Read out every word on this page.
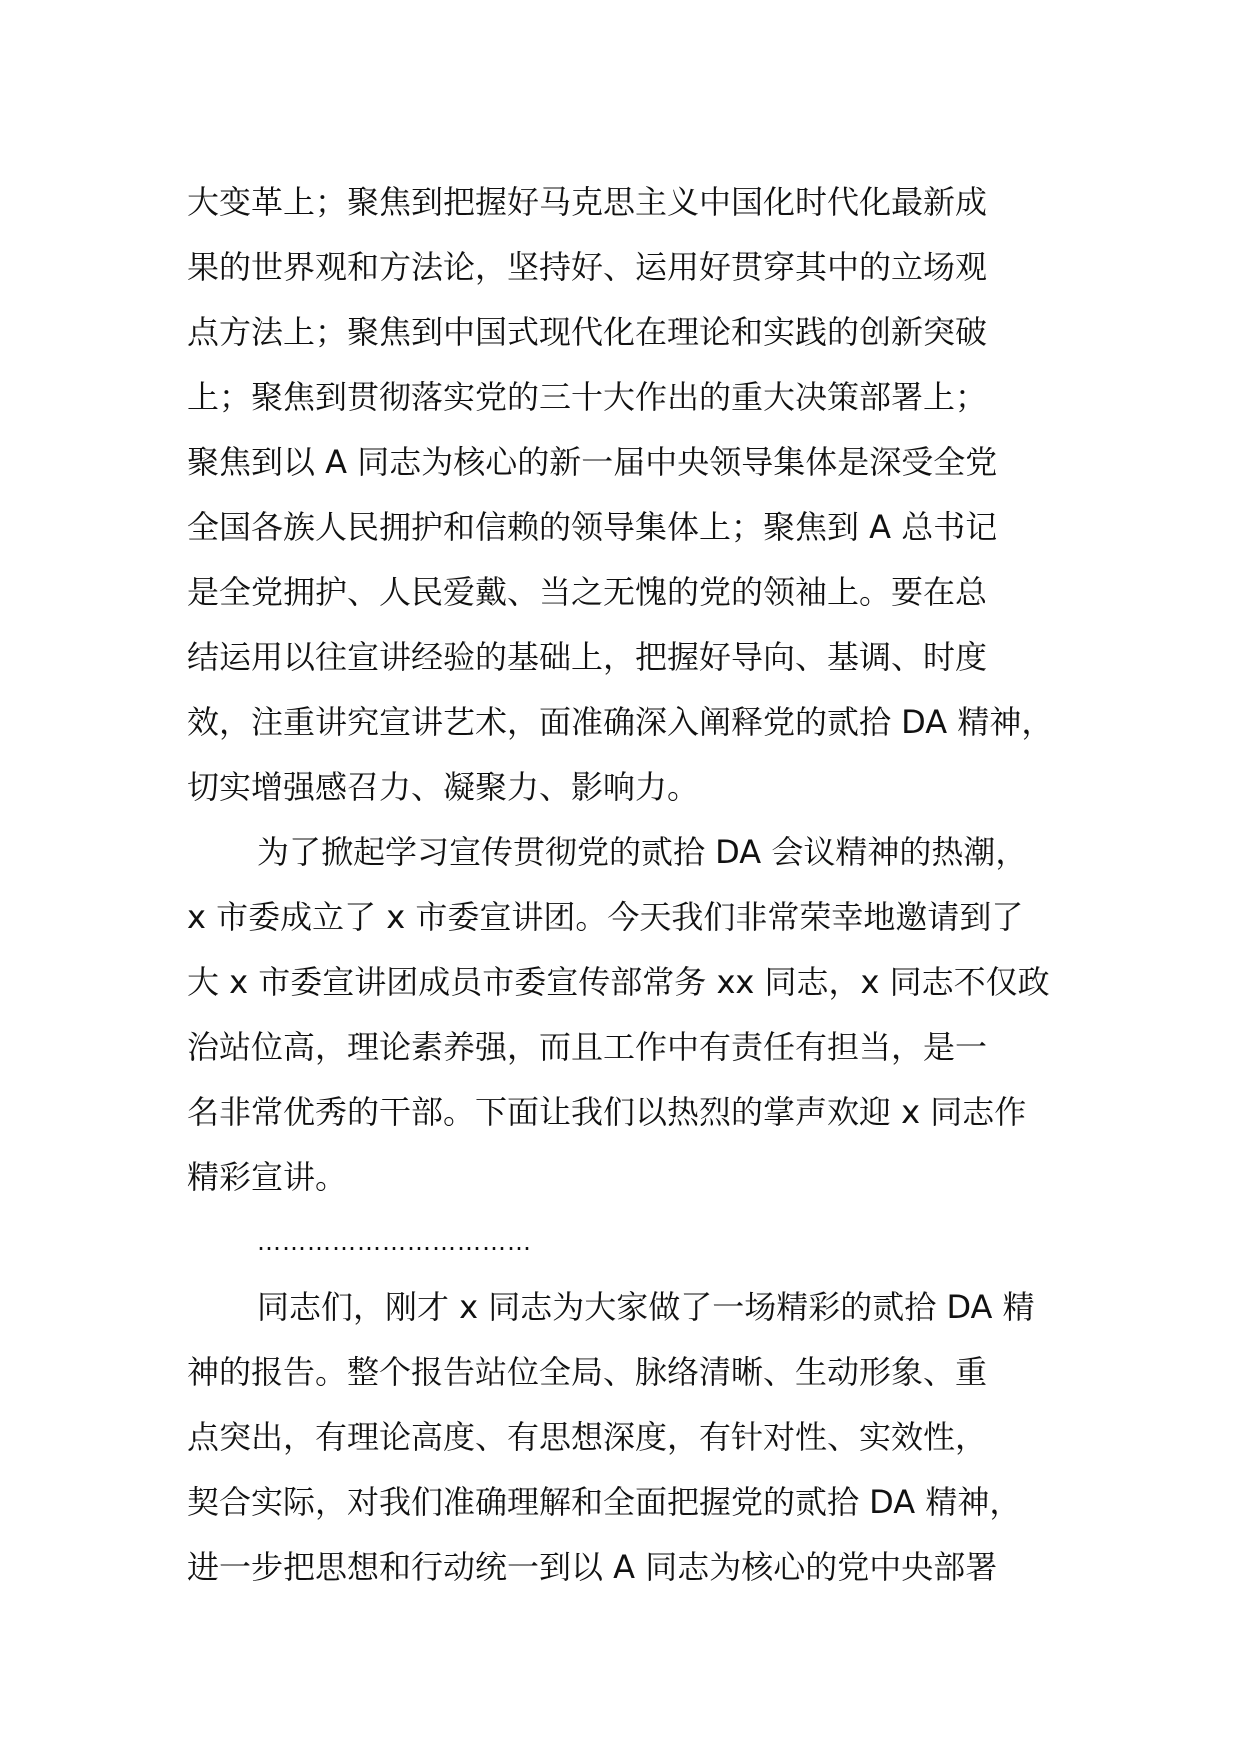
大变革上；聚焦到把握好马克思主义中国化时代化最新成
果的世界观和方法论，坚持好、运用好贯穿其中的立场观
点方法上；聚焦到中国式现代化在理论和实践的创新突破
上；聚焦到贯彻落实党的三十大作出的重大决策部署上；
聚焦到以 A 同志为核心的新一届中央领导集体是深受全党
全国各族人民拥护和信赖的领导集体上；聚焦到 A 总书记
是全党拥护、人民爱戴、当之无愧的党的领袖上。要在总
结运用以往宣讲经验的基础上，把握好导向、基调、时度
效，注重讲究宣讲艺术，面准确深入阐释党的贰拾 DA 精神，
切实增强感召力、凝聚力、影响力。
为了掀起学习宣传贯彻党的贰拾 DA 会议精神的热潮，
x 市委成立了 x 市委宣讲团。今天我们非常荣幸地邀请到了
大 x 市委宣讲团成员市委宣传部常务 xx 同志，x 同志不仅政
治站位高，理论素养强，而且工作中有责任有担当，是一
名非常优秀的干部。下面让我们以热烈的掌声欢迎 x 同志作
精彩宣讲。
……………………………
同志们，刚才 x 同志为大家做了一场精彩的贰拾 DA 精
神的报告。整个报告站位全局、脉络清晰、生动形象、重
点突出，有理论高度、有思想深度，有针对性、实效性，
契合实际，对我们准确理解和全面把握党的贰拾 DA 精神，
进一步把思想和行动统一到以 A 同志为核心的党中央部署
